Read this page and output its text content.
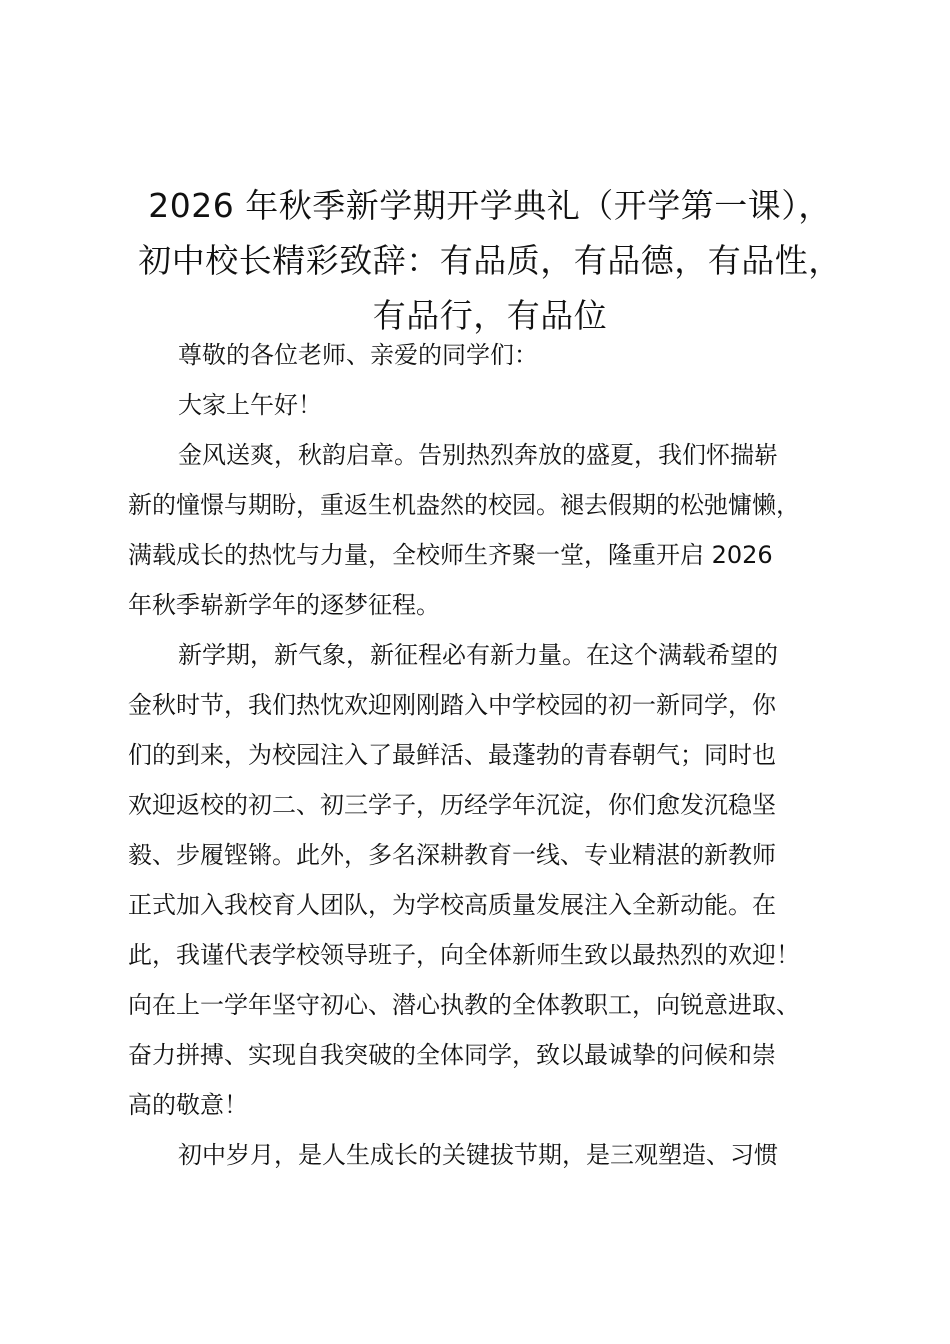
2026 年秋季新学期开学典礼（开学第一课），
初中校长精彩致辞：有品质，有品德，有品性，
有品行，有品位
尊敬的各位老师、亲爱的同学们：
大家上午好！
金风送爽，秋韵启章。告别热烈奔放的盛夏，我们怀揣崭
新的憧憬与期盼，重返生机盎然的校园。褪去假期的松弛慵懒，
满载成长的热忱与力量，全校师生齐聚一堂，隆重开启 2026
年秋季崭新学年的逐梦征程。
新学期，新气象，新征程必有新力量。在这个满载希望的
金秋时节，我们热忱欢迎刚刚踏入中学校园的初一新同学，你
们的到来，为校园注入了最鲜活、最蓬勃的青春朝气；同时也
欢迎返校的初二、初三学子，历经学年沉淀，你们愈发沉稳坚
毅、步履铿锵。此外，多名深耕教育一线、专业精湛的新教师
正式加入我校育人团队，为学校高质量发展注入全新动能。在
此，我谨代表学校领导班子，向全体新师生致以最热烈的欢迎！
向在上一学年坚守初心、潜心执教的全体教职工，向锐意进取、
奋力拼搏、实现自我突破的全体同学，致以最诚挚的问候和崇
高的敬意！
初中岁月，是人生成长的关键拔节期，是三观塑造、习惯
